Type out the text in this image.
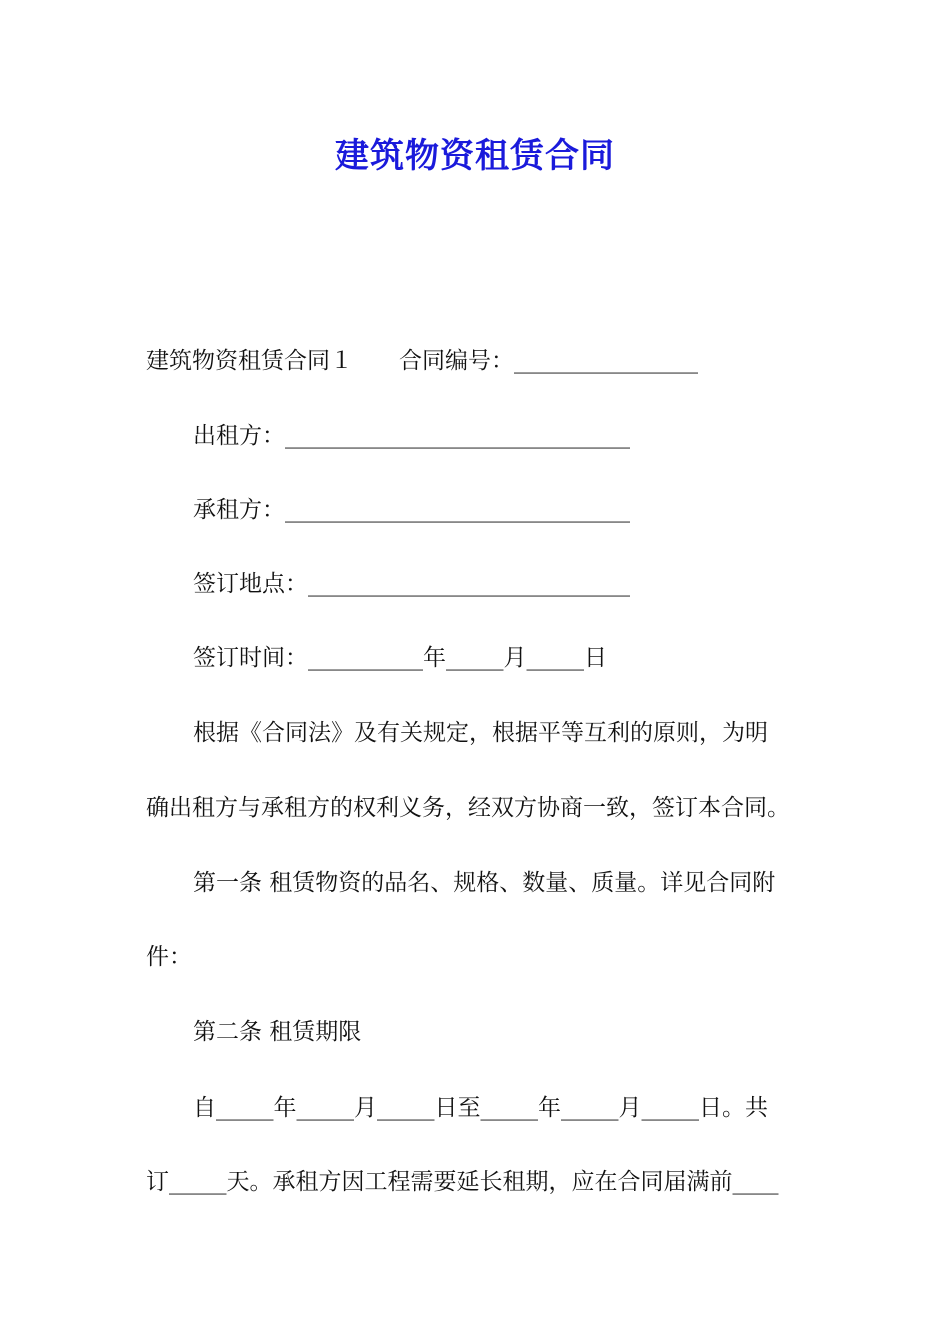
建筑物资租赁合同
建筑物资租赁合同１　　合同编号：________________
出租方：______________________________
承租方：______________________________
签订地点：____________________________
签订时间：__________年_____月_____日
根据《合同法》及有关规定，根据平等互利的原则，为明
确出租方与承租方的权利义务，经双方协商一致，签订本合同。
第一条 租赁物资的品名、规格、数量、质量。详见合同附
件：
第二条 租赁期限
自_____年_____月_____日至_____年_____月_____日。共
订_____天。承租方因工程需要延长租期，应在合同届满前____
